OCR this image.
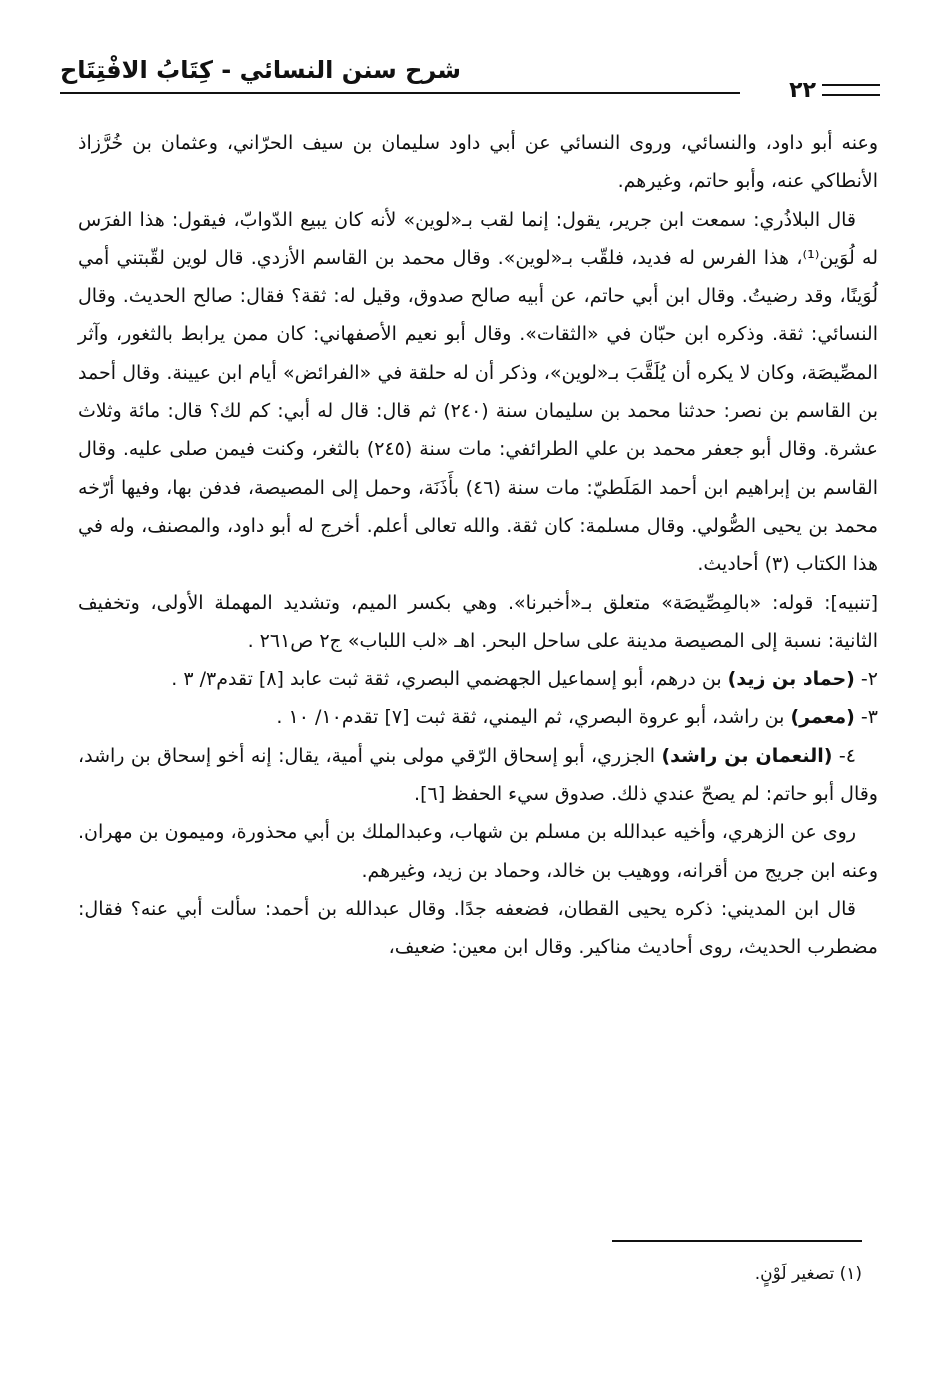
شرح سنن النسائي - كِتَابُ الافْتِتَاح
٢٢

وعنه أبو داود، والنسائي، وروى النسائي عن أبي داود سليمان بن سيف الحرّاني، وعثمان بن خُرَّزاذ الأنطاكي عنه، وأبو حاتم، وغيرهم.

قال البلاذُري: سمعت ابن جرير، يقول: إنما لقب بـ«لوين» لأنه كان يبيع الدّوابّ، فيقول: هذا الفرَس له لُوَين⁽¹⁾، هذا الفرس له فديد، فلقّب بـ«لوين». وقال محمد بن القاسم الأزدي. قال لوين لقّبتني أمي لُوَينًا، وقد رضيتُ. وقال ابن أبي حاتم، عن أبيه صالح صدوق، وقيل له: ثقة؟ فقال: صالح الحديث. وقال النسائي: ثقة. وذكره ابن حبّان في «الثقات». وقال أبو نعيم الأصفهاني: كان ممن يرابط بالثغور، وآثر المصِّيصَة، وكان لا يكره أن يُلَقَّبَ بـ«لوين»، وذكر أن له حلقة في «الفرائض» أيام ابن عيينة. وقال أحمد بن القاسم بن نصر: حدثنا محمد بن سليمان سنة (٢٤٠) ثم قال: قال له أبي: كم لك؟ قال: مائة وثلاث عشرة. وقال أبو جعفر محمد بن علي الطرائفي: مات سنة (٢٤٥) بالثغر، وكنت فيمن صلى عليه. وقال القاسم بن إبراهيم ابن أحمد المَلَطيّ: مات سنة (٤٦) بأَذَنَة، وحمل إلى المصيصة، فدفن بها، وفيها أرّخه محمد بن يحيى الصُّولي. وقال مسلمة: كان ثقة. والله تعالى أعلم. أخرج له أبو داود، والمصنف، وله في هذا الكتاب (٣) أحاديث.

[تنبيه]: قوله: «بالمِصِّيصَة» متعلق بـ«أخبرنا». وهي بكسر الميم، وتشديد المهملة الأولى، وتخفيف الثانية: نسبة إلى المصيصة مدينة على ساحل البحر. اهـ «لب اللباب» ج٢ ص٢٦١ .

٢- (حماد بن زيد) بن درهم، أبو إسماعيل الجهضمي البصري، ثقة ثبت عابد [٨] تقدم٣/ ٣ .

٣- (معمر) بن راشد، أبو عروة البصري، ثم اليمني، ثقة ثبت [٧] تقدم١٠/ ١٠ .

٤- (النعمان بن راشد) الجزري، أبو إسحاق الرّقي مولى بني أمية، يقال: إنه أخو إسحاق بن راشد، وقال أبو حاتم: لم يصحّ عندي ذلك. صدوق سيء الحفظ [٦].

روى عن الزهري، وأخيه عبدالله بن مسلم بن شهاب، وعبدالملك بن أبي محذورة، وميمون بن مهران. وعنه ابن جريج من أقرانه، ووهيب بن خالد، وحماد بن زيد، وغيرهم.

قال ابن المديني: ذكره يحيى القطان، فضعفه جدًا. وقال عبدالله بن أحمد: سألت أبي عنه؟ فقال: مضطرب الحديث، روى أحاديث مناكير. وقال ابن معين: ضعيف،

(١) تصغير لَوْنٍ.
